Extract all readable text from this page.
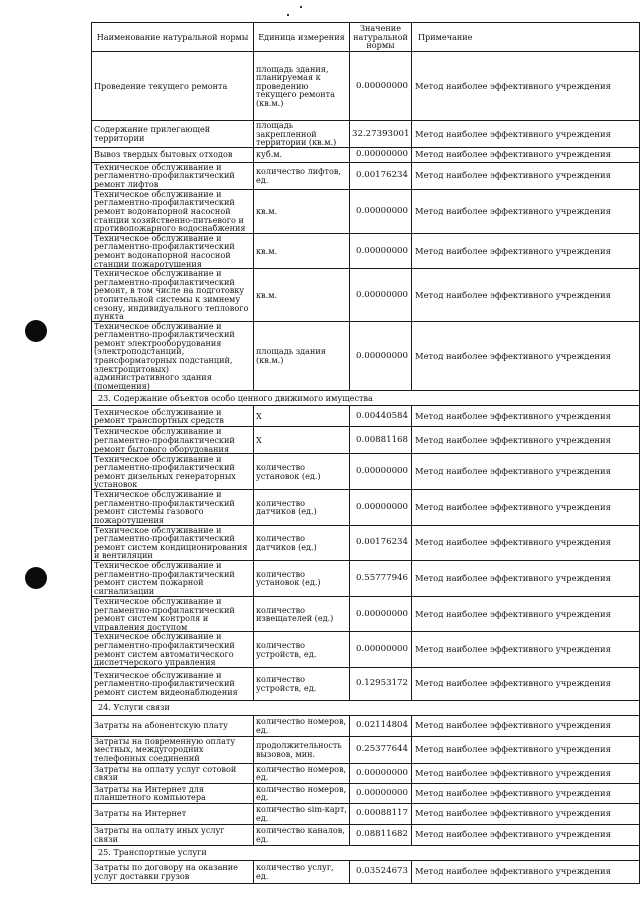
Наименование натуральной нормы	Единица измерения	Значение натуральной нормы	Примечание
Проведение текущего ремонта	площадь здания, планируемая к проведению текущего ремонта (кв.м.)	0.00000000	Метод наиболее эффективного учреждения
Содержание прилегающей территории	площадь закрепленной территории (кв.м.)	32.27393001	Метод наиболее эффективного учреждения
Вывоз твердых бытовых отходов	куб.м.	0.00000000	Метод наиболее эффективного учреждения
Техническое обслуживание и регламентно-профилактический ремонт лифтов	количество лифтов, ед.	0.00176234	Метод наиболее эффективного учреждения
Техническое обслуживание и регламентно-профилактический ремонт водонапорной насосной станции хозяйственно-питьевого и противопожарного водоснабжения	кв.м.	0.00000000	Метод наиболее эффективного учреждения
Техническое обслуживание и регламентно-профилактический ремонт водонапорной насосной станции пожаротушения	кв.м.	0.00000000	Метод наиболее эффективного учреждения
Техническое обслуживание и регламентно-профилактический ремонт, в том числе на подготовку отопительной системы к зимнему сезону, индивидуального теплового пункта	кв.м.	0.00000000	Метод наиболее эффективного учреждения
Техническое обслуживание и регламентно-профилактический ремонт электрооборудования (электроподстанций, трансформаторных подстанций, электрощитовых) административного здания (помещения)	площадь здания (кв.м.)	0.00000000	Метод наиболее эффективного учреждения
23. Содержание объектов особо ценного движимого имущества			
Техническое обслуживание и ремонт транспортных средств	X	0.00440584	Метод наиболее эффективного учреждения
Техническое обслуживание и регламентно-профилактический ремонт бытового оборудования	X	0.00881168	Метод наиболее эффективного учреждения
Техническое обслуживание и регламентно-профилактический ремонт дизельных генераторных установок	количество установок (ед.)	0.00000000	Метод наиболее эффективного учреждения
Техническое обслуживание и регламентно-профилактический ремонт системы газового пожаротушения	количество датчиков (ед.)	0.00000000	Метод наиболее эффективного учреждения
Техническое обслуживание и регламентно-профилактический ремонт систем кондиционирования и вентиляции	количество датчиков (ед.)	0.00176234	Метод наиболее эффективного учреждения
Техническое обслуживание и регламентно-профилактический ремонт систем пожарной сигнализации	количество установок (ед.)	0.55777946	Метод наиболее эффективного учреждения
Техническое обслуживание и регламентно-профилактический ремонт систем контроля и управления доступом	количество извещателей (ед.)	0.00000000	Метод наиболее эффективного учреждения
Техническое обслуживание и регламентно-профилактический ремонт систем автоматического диспетчерского управления	количество устройств, ед.	0.00000000	Метод наиболее эффективного учреждения
Техническое обслуживание и регламентно-профилактический ремонт систем видеонаблюдения	количество устройств, ед.	0.12953172	Метод наиболее эффективного учреждения
24. Услуги связи			
Затраты на абонентскую плату	количество номеров, ед.	0.02114804	Метод наиболее эффективного учреждения
Затраты на повременную оплату местных, междугородних телефонных соединений	продолжительность вызовов, мин.	0.25377644	Метод наиболее эффективного учреждения
Затраты на оплату услуг сотовой связи	количество номеров, ед.	0.00000000	Метод наиболее эффективного учреждения
Затраты на Интернет для планшетного компьютера	количество номеров, ед.	0.00000000	Метод наиболее эффективного учреждения
Затраты на Интернет	количество sim-карт, ед.	0.00088117	Метод наиболее эффективного учреждения
Затраты на оплату иных услуг связи	количество каналов, ед.	0.08811682	Метод наиболее эффективного учреждения
25. Транспортные услуги			
Затраты по договору на оказание услуг доставки грузов	количество услуг, ед.	0.03524673	Метод наиболее эффективного учреждения
